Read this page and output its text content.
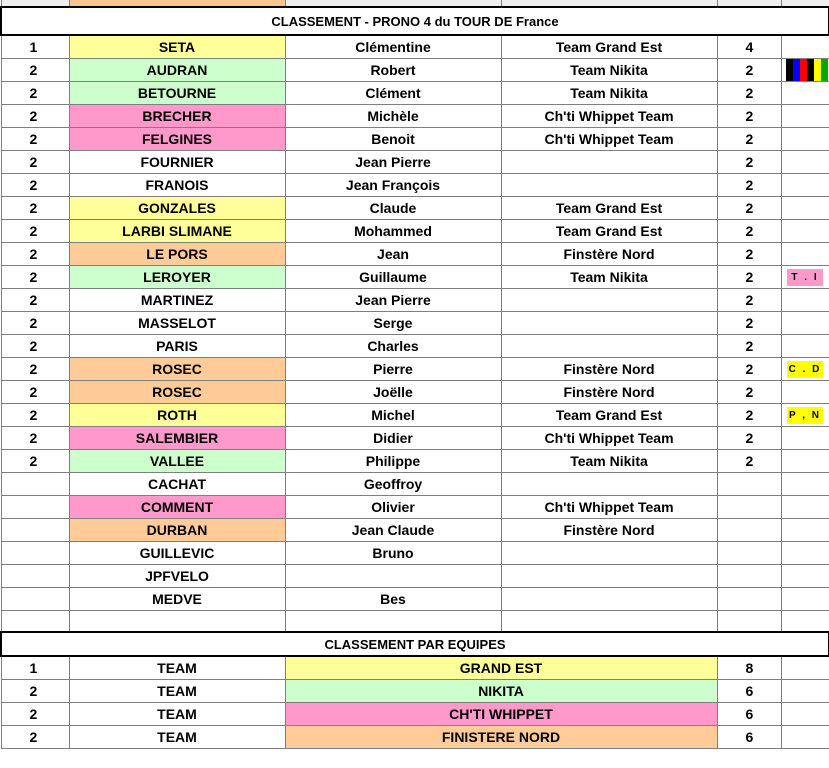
CLASSEMENT - PRONO 4 du TOUR DE France					
1	SETA	Clémentine	Team Grand Est	4	
2	AUDRAN	Robert	Team Nikita	2	
2	BETOURNE	Clément	Team Nikita	2	
2	BRECHER	Michèle	Ch'ti Whippet Team	2	
2	FELGINES	Benoit	Ch'ti Whippet Team	2	
2	FOURNIER	Jean Pierre		2	
2	FRANOIS	Jean François		2	
2	GONZALES	Claude	Team Grand Est	2	
2	LARBI SLIMANE	Mohammed	Team Grand Est	2	
2	LE PORS	Jean	Finstère Nord	2	
2	LEROYER	Guillaume	Team Nikita	2	T . I
2	MARTINEZ	Jean Pierre		2	
2	MASSELOT	Serge		2	
2	PARIS	Charles		2	
2	ROSEC	Pierre	Finstère Nord	2	C . D
2	ROSEC	Joëlle	Finstère Nord	2	
2	ROTH	Michel	Team Grand Est	2	P , N
2	SALEMBIER	Didier	Ch'ti Whippet Team	2	
2	VALLEE	Philippe	Team Nikita	2	
	CACHAT	Geoffroy			
	COMMENT	Olivier	Ch'ti Whippet Team		
	DURBAN	Jean Claude	Finstère Nord		
	GUILLEVIC	Bruno			
	JPFVELO				
	MEDVE	Bes			

CLASSEMENT PAR EQUIPES					
1	TEAM	GRAND EST		8	
2	TEAM	NIKITA		6	
2	TEAM	CH'TI WHIPPET		6	
2	TEAM	FINISTERE NORD		6	
